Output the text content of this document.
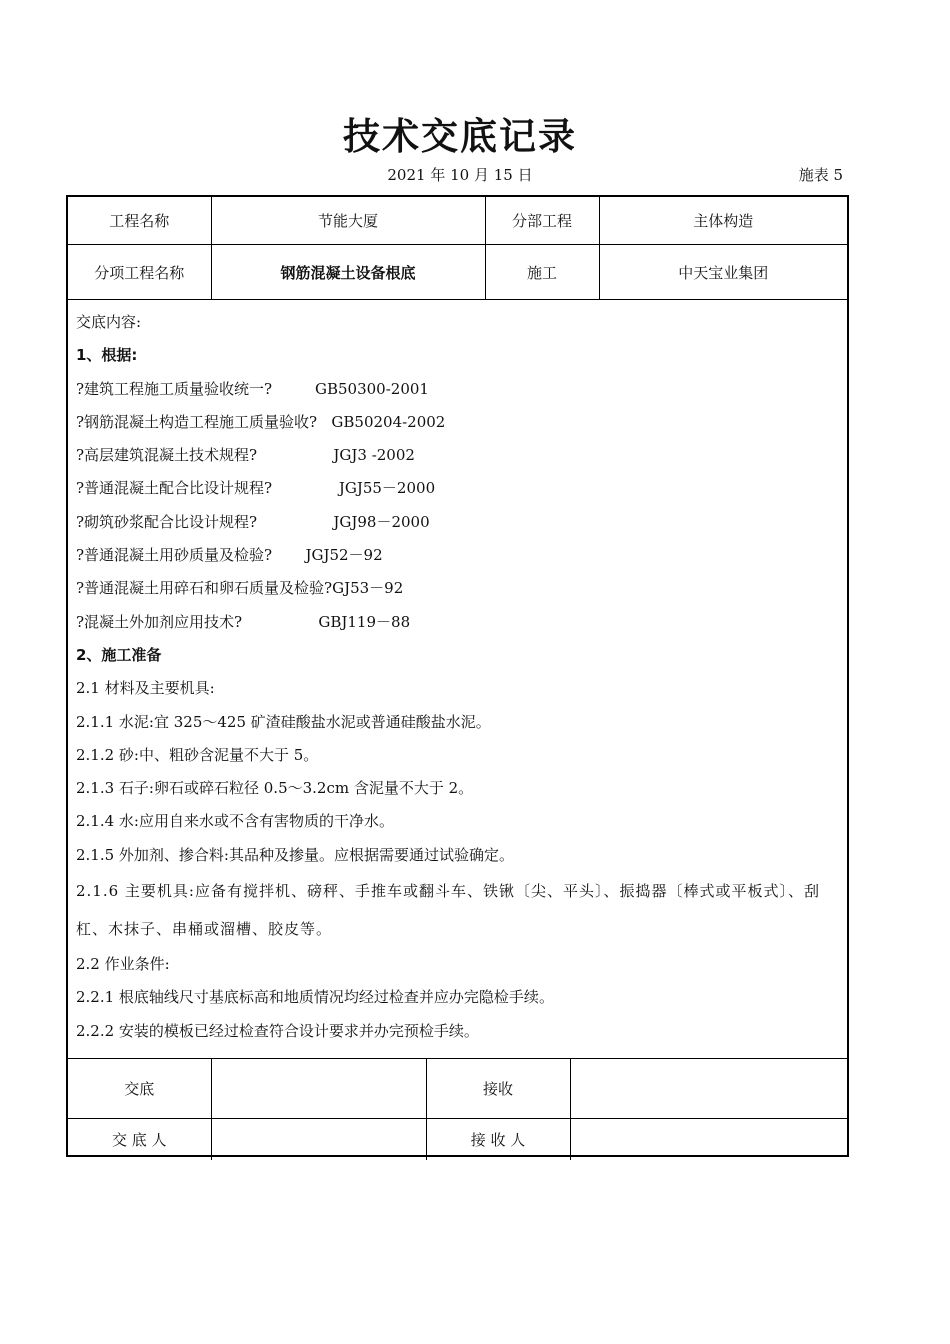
技术交底记录
2021 年 10 月 15 日	施表 5
工程名称	节能大厦	分部工程	主体构造
分项工程名称	钢筋混凝土设备根底	施工	中天宝业集团
交底内容:
1、根据:
?建筑工程施工质量验收统一?         GB50300-2001
?钢筋混凝土构造工程施工质量验收?   GB50204-2002
?高层建筑混凝土技术规程?                JGJ3 -2002
?普通混凝土配合比设计规程?              JGJ55－2000
?砌筑砂浆配合比设计规程?                JGJ98－2000
?普通混凝土用砂质量及检验?       JGJ52－92
?普通混凝土用碎石和卵石质量及检验?GJ53－92
?混凝土外加剂应用技术?                GBJ119－88
2、施工准备
2.1 材料及主要机具:
2.1.1 水泥:宜 325～425 矿渣硅酸盐水泥或普通硅酸盐水泥。
2.1.2 砂:中、粗砂含泥量不大于 5。
2.1.3 石子:卵石或碎石粒径 0.5～3.2cm 含泥量不大于 2。
2.1.4 水:应用自来水或不含有害物质的干净水。
2.1.5 外加剂、掺合料:其品种及掺量。应根据需要通过试验确定。
2.1.6 主要机具:应备有搅拌机、磅秤、手推车或翻斗车、铁锹〔尖、平头〕、振捣器〔棒式或平板式〕、刮杠、木抹子、串桶或溜槽、胶皮等。
2.2 作业条件:
2.2.1 根底轴线尺寸基底标高和地质情况均经过检查并应办完隐检手续。
2.2.2 安装的模板已经过检查符合设计要求并办完预检手续。
交底		接收	
交 底 人		接 收 人	
